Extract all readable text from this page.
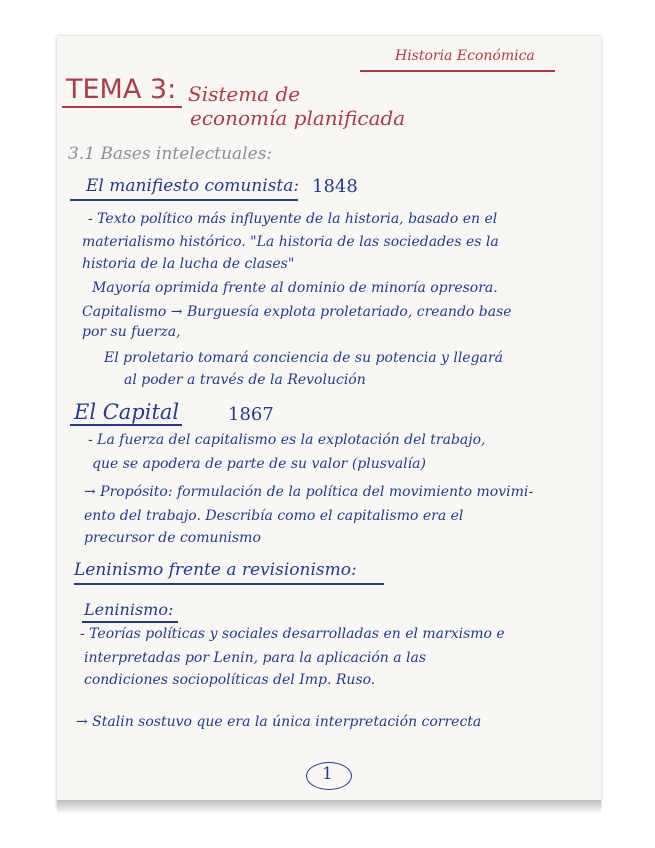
Historia Económica
TEMA 3: Sistema de
economía planificada
3.1 Bases intelectuales:
El manifiesto comunista: 1848
- Texto político más influyente de la historia, basado en el
materialismo histórico. "La historia de las sociedades es la
historia de la lucha de clases"
Mayoría oprimida frente al dominio de minoría opresora.
Capitalismo → Burguesía explota proletariado, creando base
por su fuerza,
El proletario tomará conciencia de su potencia y llegará
al poder a través de la Revolución
El Capital	1867
- La fuerza del capitalismo es la explotación del trabajo,
que se apodera de parte de su valor (plusvalía)
→ Propósito: formulación de la política del movimiento movimi-
ento del trabajo. Describía como el capitalismo era el
precursor de comunismo
Leninismo frente a revisionismo:
Leninismo:
- Teorías políticas y sociales desarrolladas en el marxismo e
interpretadas por Lenin, para la aplicación a las
condiciones sociopolíticas del Imp. Ruso.
→ Stalin sostuvo que era la única interpretación correcta
1
